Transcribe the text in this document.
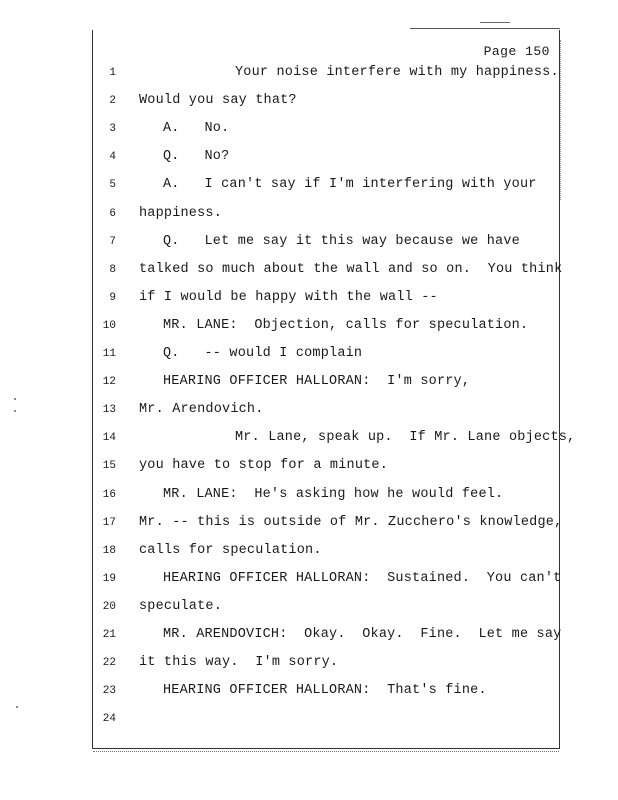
Page 150
1	Your noise interfere with my happiness.
2 Would you say that?
3	A.   No.
4	Q.   No?
5	A.   I can't say if I'm interfering with your
6 happiness.
7	Q.   Let me say it this way because we have
8 talked so much about the wall and so on.  You think
9 if I would be happy with the wall --
10	MR. LANE:  Objection, calls for speculation.
11	Q.   -- would I complain
12	HEARING OFFICER HALLORAN:  I'm sorry,
13 Mr. Arendovich.
14	Mr. Lane, speak up.  If Mr. Lane objects,
15 you have to stop for a minute.
16	MR. LANE:  He's asking how he would feel.
17 Mr. -- this is outside of Mr. Zucchero's knowledge,
18 calls for speculation.
19	HEARING OFFICER HALLORAN:  Sustained.  You can't
20 speculate.
21	MR. ARENDOVICH:  Okay.  Okay.  Fine.  Let me say
22 it this way.  I'm sorry.
23	HEARING OFFICER HALLORAN:  That's fine.
24
